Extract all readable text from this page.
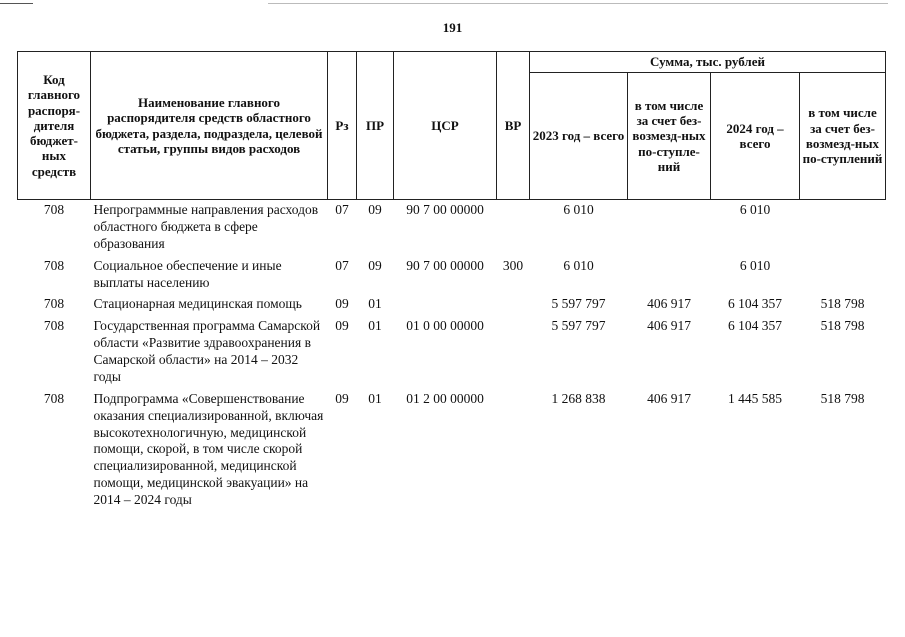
191
Код главного распоря-дителя бюджет-ных средств	Наименование главного распорядителя средств областного бюджета, раздела, подраздела, целевой статьи, группы видов расходов	Рз	ПР	ЦСР	ВР	Сумма, тыс. рублей			
						2023 год – всего	в том числе за счет без-возмезд-ных по-ступле-ний	2024 год – всего	в том числе за счет без-возмезд-ных по-ступлений
708	Непрограммные направления расходов областного бюджета в сфере образования	07	09	90 7 00 00000		6 010		6 010	
708	Социальное обеспечение и иные выплаты населению	07	09	90 7 00 00000	300	6 010		6 010	
708	Стационарная медицинская помощь	09	01			5 597 797	406 917	6 104 357	518 798
708	Государственная программа Самарской области «Развитие здравоохранения в Самарской области» на 2014 – 2032 годы	09	01	01 0 00 00000		5 597 797	406 917	6 104 357	518 798
708	Подпрограмма «Совершенствование оказания специализированной, включая высокотехнологичную, медицинской помощи, скорой, в том числе скорой специализированной, медицинской помощи, медицинской эвакуации» на 2014 – 2024 годы	09	01	01 2 00 00000		1 268 838	406 917	1 445 585	518 798
